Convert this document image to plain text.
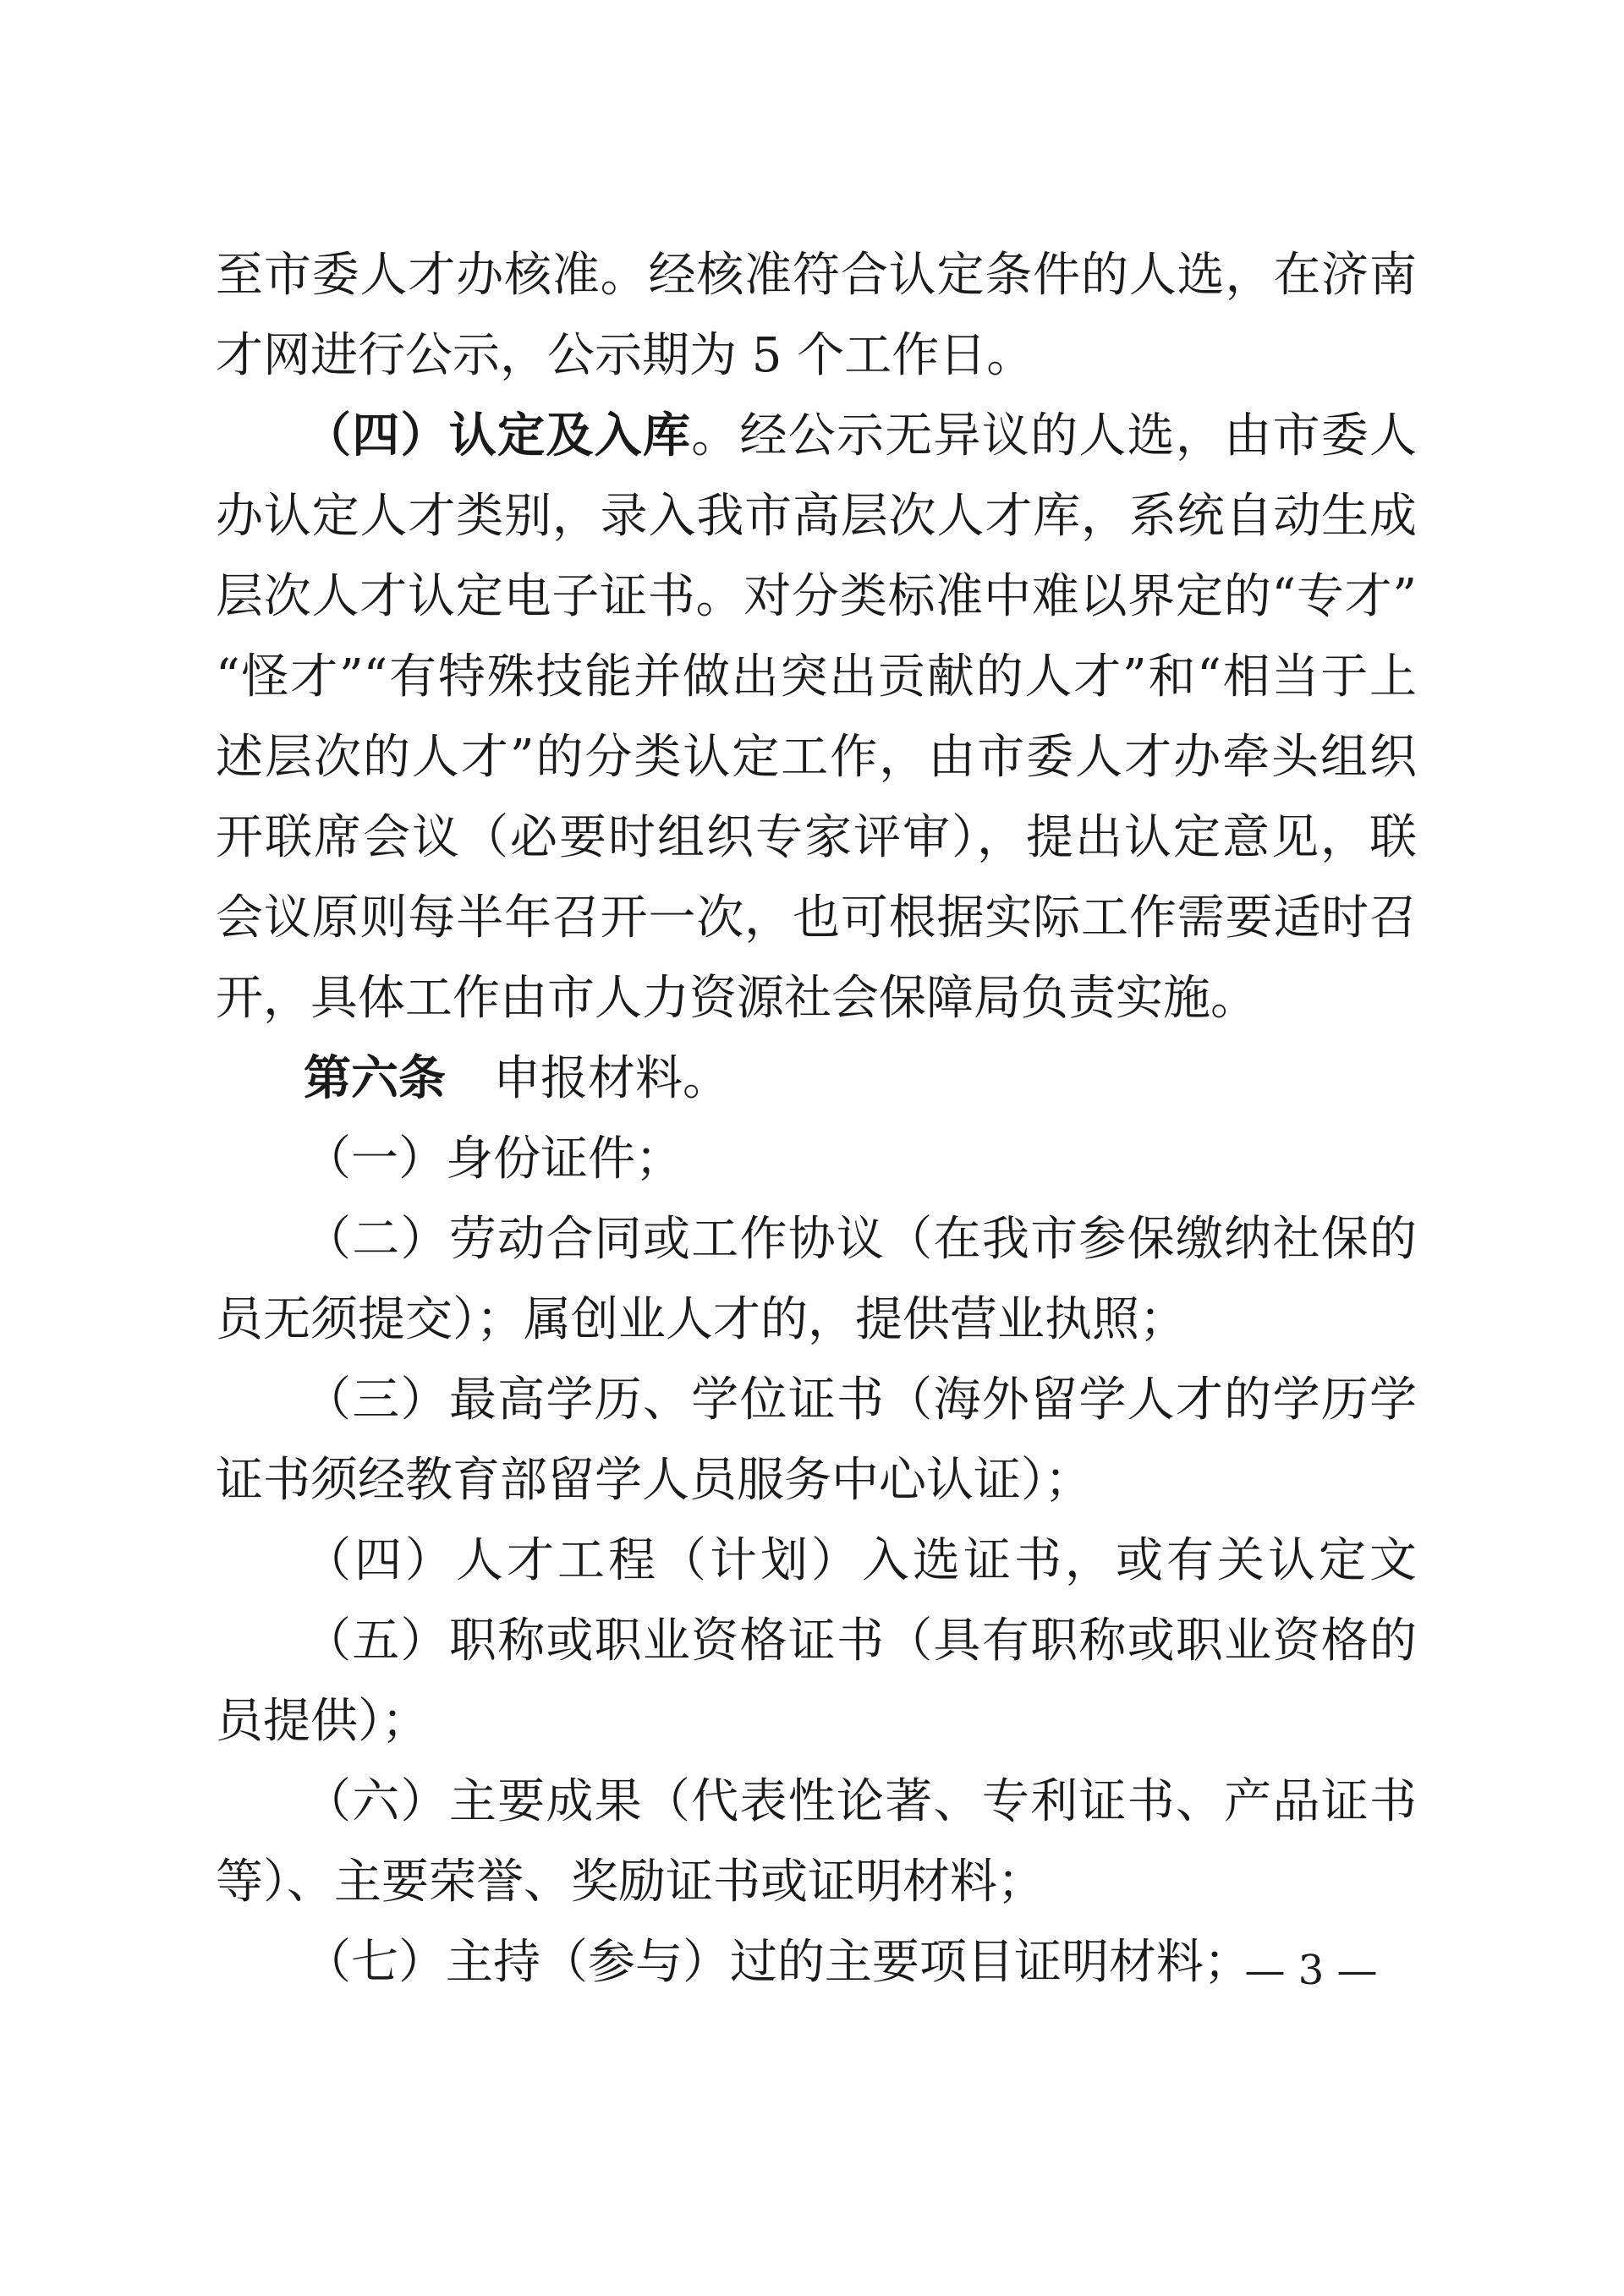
至市委人才办核准。经核准符合认定条件的人选，在济南
才网进行公示，公示期为 5 个工作日。
（四）认定及入库。经公示无异议的人选，由市委人
办认定人才类别，录入我市高层次人才库，系统自动生成
层次人才认定电子证书。对分类标准中难以界定的“专才”
“怪才”“有特殊技能并做出突出贡献的人才”和“相当于上
述层次的人才”的分类认定工作，由市委人才办牵头组织
开联席会议（必要时组织专家评审），提出认定意见，联
会议原则每半年召开一次，也可根据实际工作需要适时召
开，具体工作由市人力资源社会保障局负责实施。
第六条 申报材料。
（一）身份证件；
（二）劳动合同或工作协议（在我市参保缴纳社保的
员无须提交）；属创业人才的，提供营业执照；
（三）最高学历、学位证书（海外留学人才的学历学
证书须经教育部留学人员服务中心认证）；
（四）人才工程（计划）入选证书，或有关认定文
（五）职称或职业资格证书（具有职称或职业资格的
员提供）；
（六）主要成果（代表性论著、专利证书、产品证书
等）、主要荣誉、奖励证书或证明材料；
（七）主持（参与）过的主要项目证明材料；
— 3 —
